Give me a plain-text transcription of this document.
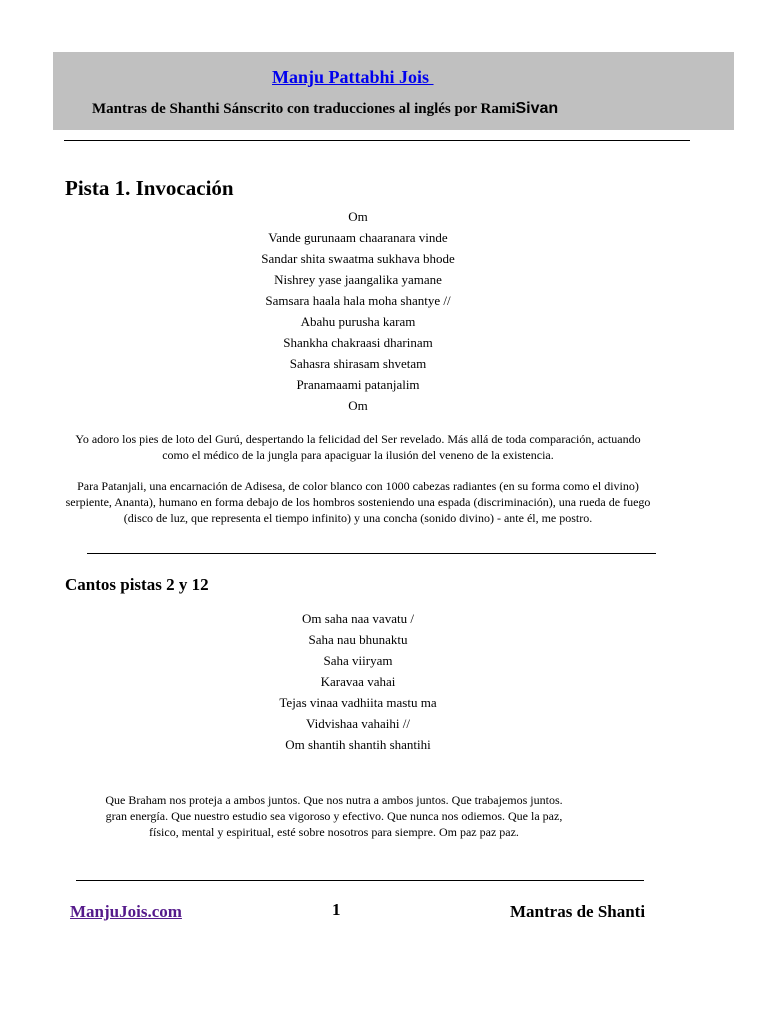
Manju Pattabhi Jois
Mantras de Shanthi Sánscrito con traducciones al inglés por RamiSivan
Pista 1. Invocación
Om
Vande gurunaam chaaranara vinde
Sandar shita swaatma sukhava bhode
Nishrey yase jaangalika yamane
Samsara haala hala moha shantye //
Abahu purusha karam
Shankha chakraasi dharinam
Sahasra shirasam shvetam
Pranamaami patanjalim
Om

Yo adoro los pies de loto del Gurú, despertando la felicidad del Ser revelado. Más allá de toda comparación, actuando
como el médico de la jungla para apaciguar la ilusión del veneno de la existencia.

Para Patanjali, una encarnación de Adisesa, de color blanco con 1000 cabezas radiantes (en su forma como el divino)
serpiente, Ananta), humano en forma debajo de los hombros sosteniendo una espada (discriminación), una rueda de fuego
(disco de luz, que representa el tiempo infinito) y una concha (sonido divino) - ante él, me postro.

Cantos pistas 2 y 12
Om saha naa vavatu /
Saha nau bhunaktu
Saha viiryam
Karavaa vahai
Tejas vinaa vadhiita mastu ma
Vidvishaa vahaihi //
Om shantih shantih shantihi

Que Braham nos proteja a ambos juntos. Que nos nutra a ambos juntos. Que trabajemos juntos.
gran energía. Que nuestro estudio sea vigoroso y efectivo. Que nunca nos odiemos. Que la paz,
físico, mental y espiritual, esté sobre nosotros para siempre. Om paz paz paz.

ManjuJois.com	1	Mantras de Shanti
